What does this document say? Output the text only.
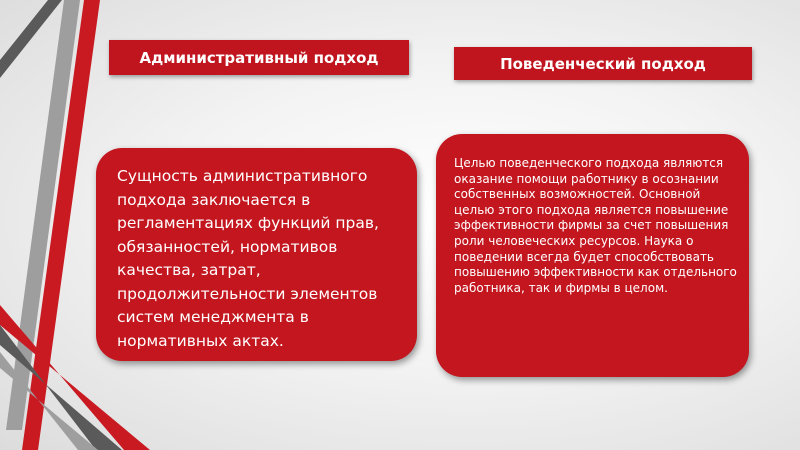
Административный подход	Поведенческий подход
Сущность административного подхода заключается в регламентациях функций прав, обязанностей, нормативов качества, затрат, продолжительности элементов систем менеджмента в нормативных актах.
Целью поведенческого подхода являются оказание помощи работнику в осознании собственных возможностей. Основной целью этого подхода является повышение эффективности фирмы за счет повышения роли человеческих ресурсов. Наука о поведении всегда будет способствовать повышению эффективности как отдельного работника, так и фирмы в целом.
